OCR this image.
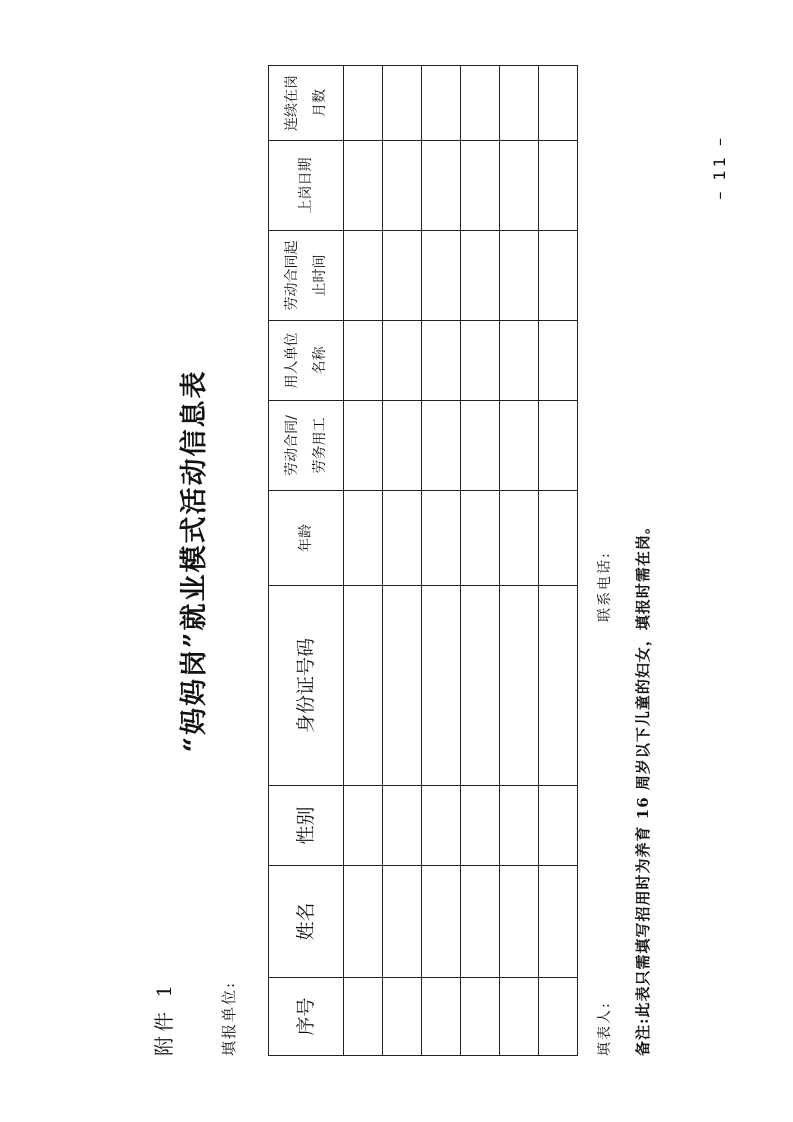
附件 1
“妈妈岗”就业模式活动信息表
填报单位:	序号	姓名	性别	身份证号码	年龄	劳动合同/ 劳务用工	用人单位 名称	劳动合同起 止时间	上岗日期	连续在岗 月数

填表人:
联系电话: 备注:此表只需填写招用时为养育 16 周岁以下儿童的妇女，填报时需在岗。
– 11 –
